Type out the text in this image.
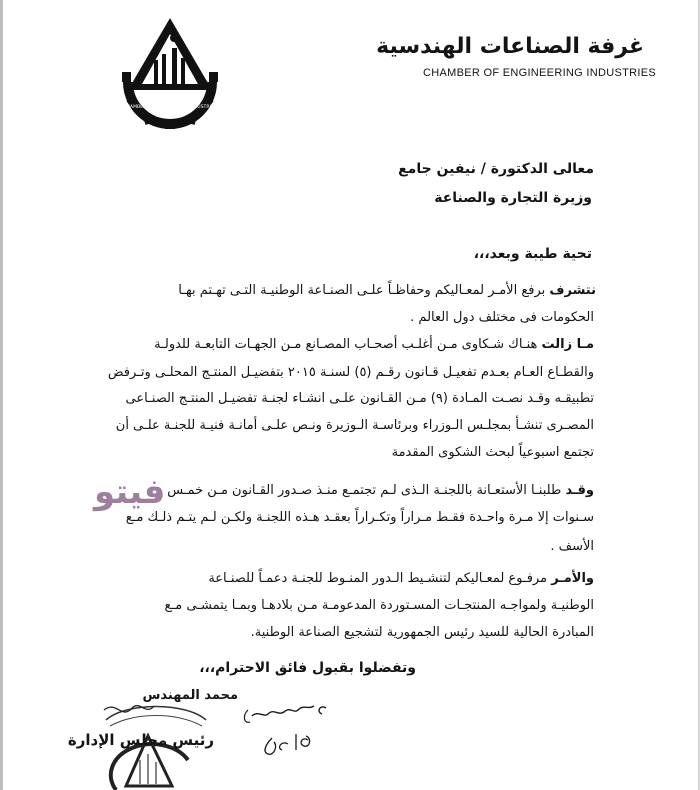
CHAMBER OF ENGINEERING INDUSTRIES
غرفة الصناعات الهندسية
CHAMBER OF ENGINEERING INDUSTRIES
معالى الدكتورة / نيفين جامع
وزيرة التجارة والصناعة
تحية طيبة وبعد،،،
نتشرف برفع الأمـر لمعـاليكم وحفاظـاً علـى الصنـاعة الوطنيـة التـى تهـتم بهـا
الحكومات فى مختلف دول العالم .
مـا زالت هنـاك شـكاوى مـن أغلـب أصحـاب المصـانع مـن الجهـات التابعـة للدولـة
والقطـاع العـام بعـدم تفعيـل قـانون رقـم (٥) لسنـة ٢٠١٥ بتفضيـل المنتـج المحلـى وتـرفض
تطبيقـه وقـد نصـت المـادة (٩) مـن القـانون علـى انشـاء لجنـة تفضيـل المنتـج الصنـاعى
المصـرى تنشـأ بمجلـس الـوزراء وبرئاسـة الـوزيرة ونـص علـى أمانـة فنيـة للجنـة علـى أن
تجتمع اسبوعياً لبحث الشكوى المقدمة
وقـد طلبنـا الأستعـانة باللجنـة الـذى لـم تجتمـع منـذ صـدور القـانون مـن خمـس
سـنوات إلا مـرة واحـدة فقـط مـراراً وتكـراراً بعقـد هـذه اللجنـة ولكـن لـم يتـم ذلـك مـع
الأسف .
فيتو
والأمـر مرفـوع لمعـاليكم لتنشـيط الـدور المنـوط للجنـة دعمـاً للصنـاعة
الوطنيـة ولمواجـه المنتجـات المسـتوردة المدعومـة مـن بلادهـا وبمـا يتمشـى مـع
المبادرة الحالية للسيد رئيس الجمهورية لتشجيع الصناعة الوطنية.
وتفضلوا بقبول فائق الاحترام،،،
محمد المهندس
رئيس مجلس الإدارة
